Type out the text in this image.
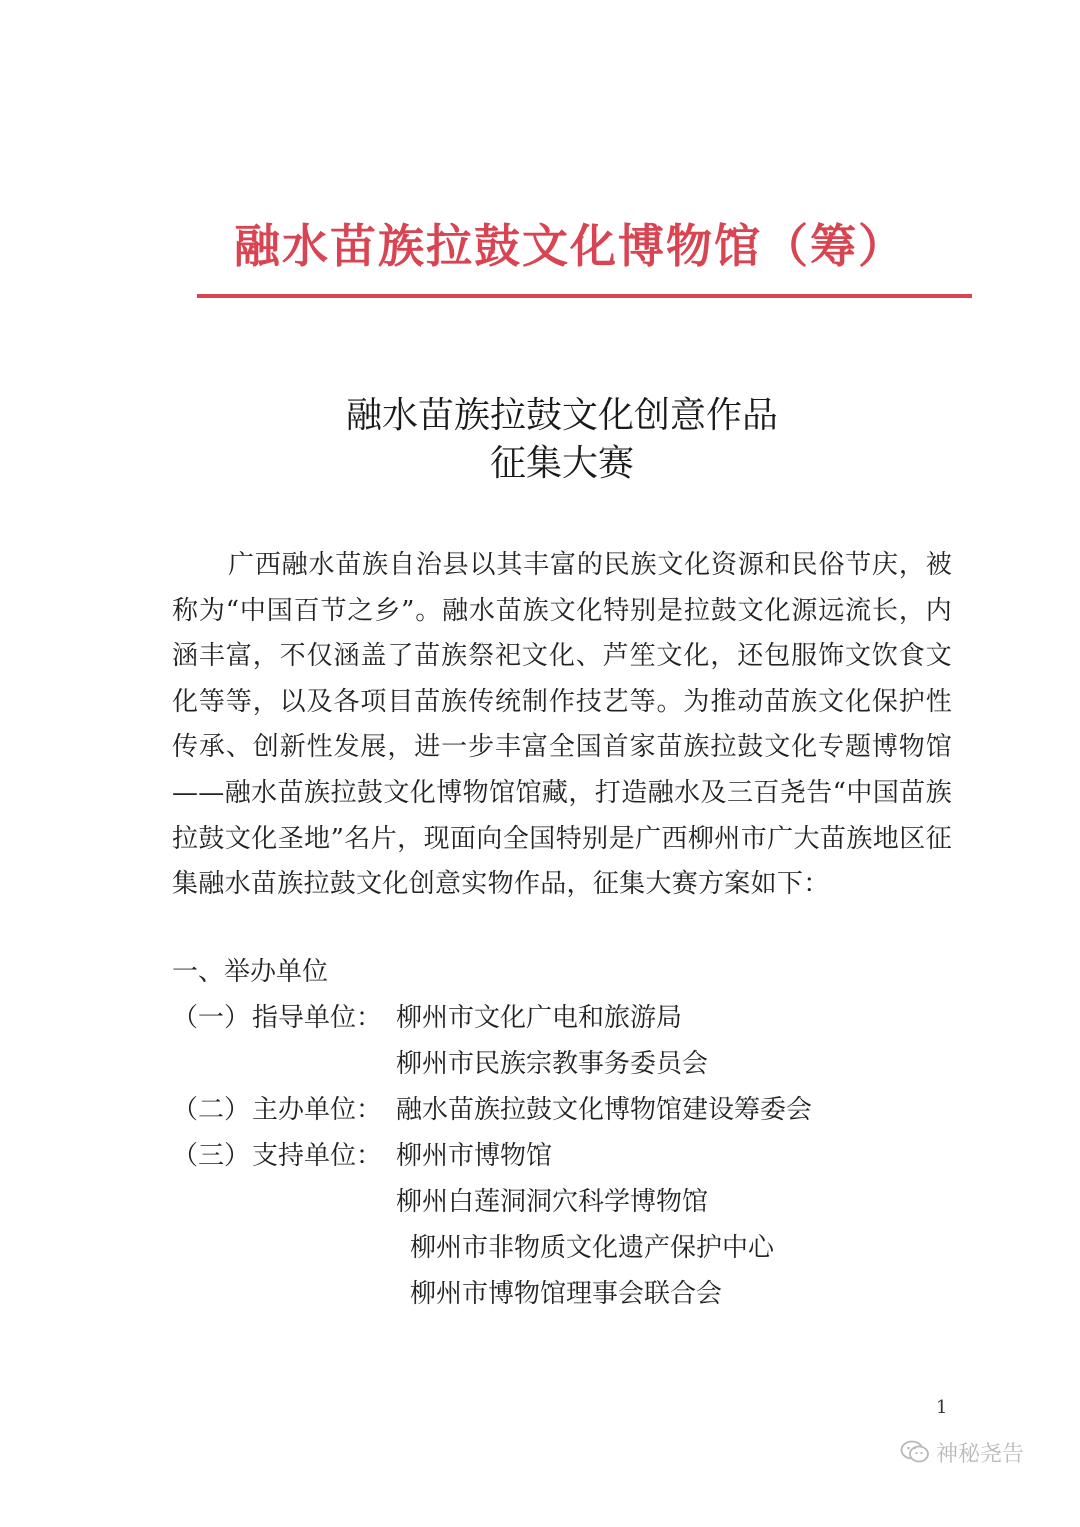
融水苗族拉鼓文化博物馆（筹）
融水苗族拉鼓文化创意作品
征集大赛

广西融水苗族自治县以其丰富的民族文化资源和民俗节庆，被称为“中国百节之乡”。融水苗族文化特别是拉鼓文化源远流长，内涵丰富，不仅涵盖了苗族祭祀文化、芦笙文化，还包服饰文饮食文化等等，以及各项目苗族传统制作技艺等。为推动苗族文化保护性传承、创新性发展，进一步丰富全国首家苗族拉鼓文化专题博物馆——融水苗族拉鼓文化博物馆馆藏，打造融水及三百尧告“中国苗族拉鼓文化圣地”名片，现面向全国特别是广西柳州市广大苗族地区征集融水苗族拉鼓文化创意实物作品，征集大赛方案如下：

一、举办单位
（一）指导单位： 柳州市文化广电和旅游局
柳州市民族宗教事务委员会
（二）主办单位： 融水苗族拉鼓文化博物馆建设筹委会
（三）支持单位： 柳州市博物馆
柳州白莲洞洞穴科学博物馆
柳州市非物质文化遗产保护中心
柳州市博物馆理事会联合会
1
神秘尧告
